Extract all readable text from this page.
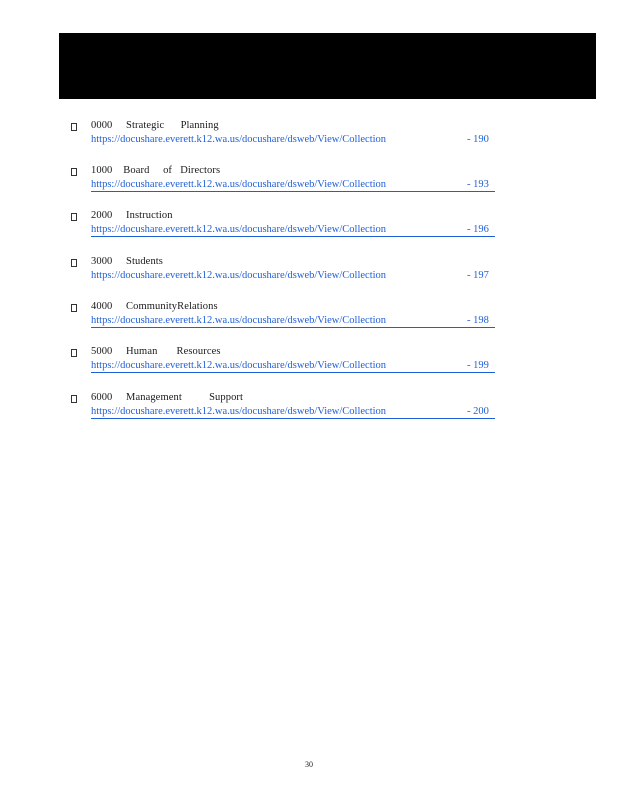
0000     Strategic      Planning
https://docushare.everett.k12.wa.us/docushare/dsweb/View/Collection	- 190
1000    Board     of   Directors
https://docushare.everett.k12.wa.us/docushare/dsweb/View/Collection	- 193
2000     Instruction
https://docushare.everett.k12.wa.us/docushare/dsweb/View/Collection	- 196
3000     Students
https://docushare.everett.k12.wa.us/docushare/dsweb/View/Collection	- 197
4000     CommunityRelations
https://docushare.everett.k12.wa.us/docushare/dsweb/View/Collection	- 198
5000     Human       Resources
https://docushare.everett.k12.wa.us/docushare/dsweb/View/Collection	- 199
6000     Management          Support
https://docushare.everett.k12.wa.us/docushare/dsweb/View/Collection	- 200
30
